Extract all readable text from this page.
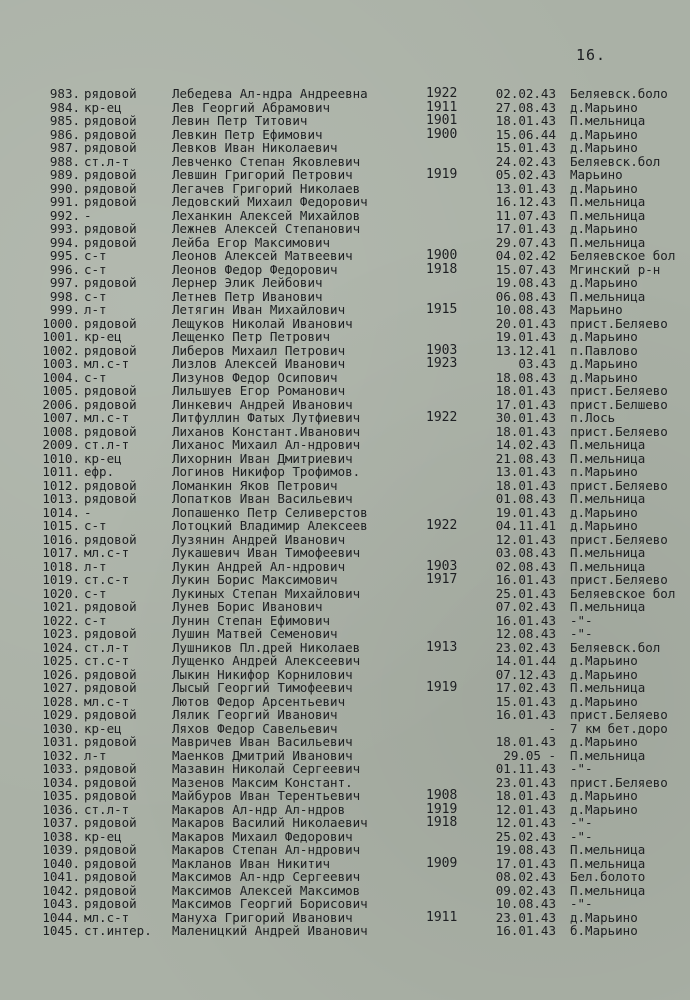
16.
983. рядовой	Лебедева Ал-ндра Андреевна	1922	02.02.43 Беляевск.боло
984. кр-ец	Лев Георгий Абрамович	1911	27.08.43 д.Марьино
985. рядовой	Левин Петр Титович	1901	18.01.43 П.мельница
986. рядовой	Левкин Петр Ефимович	1900	15.06.44 д.Марьино
987. рядовой	Левков Иван Николаевич	15.01.43 д.Марьино
988. ст.л-т	Левченко Степан Яковлевич	24.02.43 Беляевск.бол
989. рядовой	Левшин Григорий Петрович	1919	05.02.43 Марьино
990. рядовой	Легачев Григорий Николаев	13.01.43 д.Марьино
991. рядовой	Ледовский Михаил Федорович	16.12.43 П.мельница
992. -	Леханкин Алексей Михайлов	11.07.43 П.мельница
993. рядовой	Лежнев Алексей Степанович	17.01.43 д.Марьино
994. рядовой	Лейба Егор Максимович	29.07.43 П.мельница
995. с-т	Леонов Алексей Матвеевич	1900	04.02.42 Беляевское бол
996. с-т	Леонов Федор Федорович	1918	15.07.43 Мгинский р-н
997. рядовой	Лернер Элик Лейбович	19.08.43 д.Марьино
998. с-т	Летнев Петр Иванович	06.08.43 П.мельница
999. л-т	Летягин Иван Михайлович	1915	10.08.43 Марьино
1000. рядовой	Лещуков Николай Иванович	20.01.43 прист.Беляево
1001. кр-ец	Лещенко Петр Петрович	19.01.43 д.Марьино
1002. рядовой	Либеров Михаил Петрович	1903	13.12.41 п.Павлово
1003. мл.с-т	Лизлов Алексей Иванович	1923	03.43 д.Марьино
1004. с-т	Лизунов Федор Осипович	18.08.43 д.Марьино
1005. рядовой	Лильшуев Егор Романович	18.01.43 прист.Беляево
2006. рядовой	Линкевич Андрей Иванович	17.01.43 прист.Белшево
1007. мл.с-т	Литфуллин Фатых Лутфиевич	1922	30.01.43 п.Лось
1008. рядовой	Лиханов Констант.Иванович	18.01.43 прист.Беляево
2009. ст.л-т	Лиханос Михаил Ал-ндрович	14.02.43 П.мельница
1010. кр-ец	Лихорнин Иван Дмитриевич	21.08.43 П.мельница
1011. ефр.	Логинов Никифор Трофимов.	13.01.43 п.Марьино
1012. рядовой	Ломанкин Яков Петрович	18.01.43 прист.Беляево
1013. рядовой	Лопатков Иван Васильевич	01.08.43 П.мельница
1014. -	Лопашенко Петр Селиверстов	19.01.43 д.Марьино
1015. с-т	Лотоцкий Владимир Алексеев	1922	04.11.41 д.Марьино
1016. рядовой	Лузянин Андрей Иванович	12.01.43 прист.Беляево
1017. мл.с-т	Лукашевич Иван Тимофеевич	03.08.43 П.мельница
1018. л-т	Лукин Андрей Ал-ндрович	1903	02.08.43 П.мельница
1019. ст.с-т	Лукин Борис Максимович	1917	16.01.43 прист.Беляево
1020. с-т	Лукиных Степан Михайлович	25.01.43 Беляевское бол
1021. рядовой	Лунев Борис Иванович	07.02.43 П.мельница
1022. с-т	Лунин Степан Ефимович	16.01.43 -"-
1023. рядовой	Лушин Матвей Семенович	12.08.43 -"-
1024. ст.л-т	Лушников Пл.дрей Николаев	1913	23.02.43 Беляевск.бол
1025. ст.с-т	Лущенко Андрей Алексеевич	14.01.44 д.Марьино
1026. рядовой	Лыкин Никифор Корнилович	07.12.43 д.Марьино
1027. рядовой	Лысый Георгий Тимофеевич	1919	17.02.43 П.мельница
1028. мл.с-т	Лютов Федор Арсентьевич	15.01.43 д.Марьино
1029. рядовой	Лялик Георгий Иванович	16.01.43 прист.Беляево
1030. кр-ец	Ляхов Федор Савельевич	- 7 км бет.доро
1031. рядовой	Мавричев Иван Васильевич	18.01.43 д.Марьино
1032. л-т	Маенков Дмитрий Иванович	29.05 - П.мельница
1033. рядовой	Мазавин Николай Сергеевич	01.11.43 -"-
1034. рядовой	Мазенов Максим Констант.	23.01.43 прист.Беляево
1035. рядовой	Майбуров Иван Терентьевич	1908	18.01.43 д.Марьино
1036. ст.л-т	Макаров Ал-ндр Ал-ндров	1919	12.01.43 д.Марьино
1037. рядовой	Макаров Василий Николаевич	1918	12.01.43 -"-
1038. кр-ец	Макаров Михаил Федорович	25.02.43 -"-
1039. рядовой	Макаров Степан Ал-ндрович	19.08.43 П.мельница
1040. рядовой	Макланов Иван Никитич	1909	17.01.43 П.мельница
1041. рядовой	Максимов Ал-ндр Сергеевич	08.02.43 Бел.болото
1042. рядовой	Максимов Алексей Максимов	09.02.43 П.мельница
1043. рядовой	Максимов Георгий Борисович	10.08.43 -"-
1044. мл.с-т	Мануха Григорий Иванович	1911	23.01.43 д.Марьино
1045. ст.интер. Маленицкий Андрей Иванович	16.01.43 б.Марьино
